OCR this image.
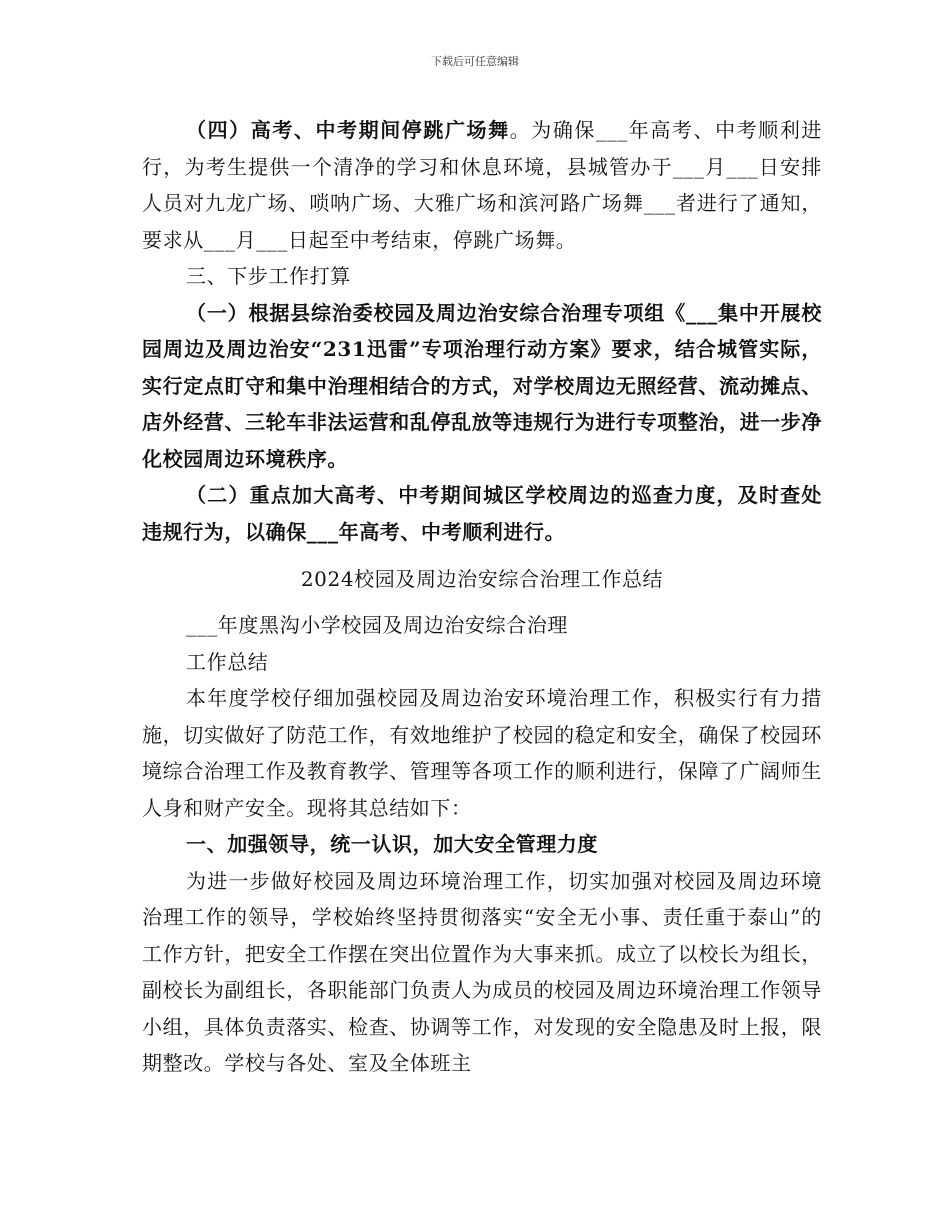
下载后可任意编辑

（四）高考、中考期间停跳广场舞。为确保___年高考、中考顺利进行，为考生提供一个清净的学习和休息环境，县城管办于___月___日安排人员对九龙广场、唢呐广场、大雅广场和滨河路广场舞___者进行了通知，要求从___月___日起至中考结束，停跳广场舞。

三、下步工作打算

（一）根据县综治委校园及周边治安综合治理专项组《___集中开展校园周边及周边治安“231迅雷”专项治理行动方案》要求，结合城管实际，实行定点盯守和集中治理相结合的方式，对学校周边无照经营、流动摊点、店外经营、三轮车非法运营和乱停乱放等违规行为进行专项整治，进一步净化校园周边环境秩序。

（二）重点加大高考、中考期间城区学校周边的巡查力度，及时查处违规行为，以确保___年高考、中考顺利进行。

2024校园及周边治安综合治理工作总结

___年度黑沟小学校园及周边治安综合治理

工作总结

本年度学校仔细加强校园及周边治安环境治理工作，积极实行有力措施，切实做好了防范工作，有效地维护了校园的稳定和安全，确保了校园环境综合治理工作及教育教学、管理等各项工作的顺利进行，保障了广阔师生人身和财产安全。现将其总结如下：

一、加强领导，统一认识，加大安全管理力度

为进一步做好校园及周边环境治理工作，切实加强对校园及周边环境治理工作的领导，学校始终坚持贯彻落实“安全无小事、责任重于泰山”的工作方针，把安全工作摆在突出位置作为大事来抓。成立了以校长为组长，副校长为副组长，各职能部门负责人为成员的校园及周边环境治理工作领导小组，具体负责落实、检查、协调等工作，对发现的安全隐患及时上报，限期整改。学校与各处、室及全体班主
